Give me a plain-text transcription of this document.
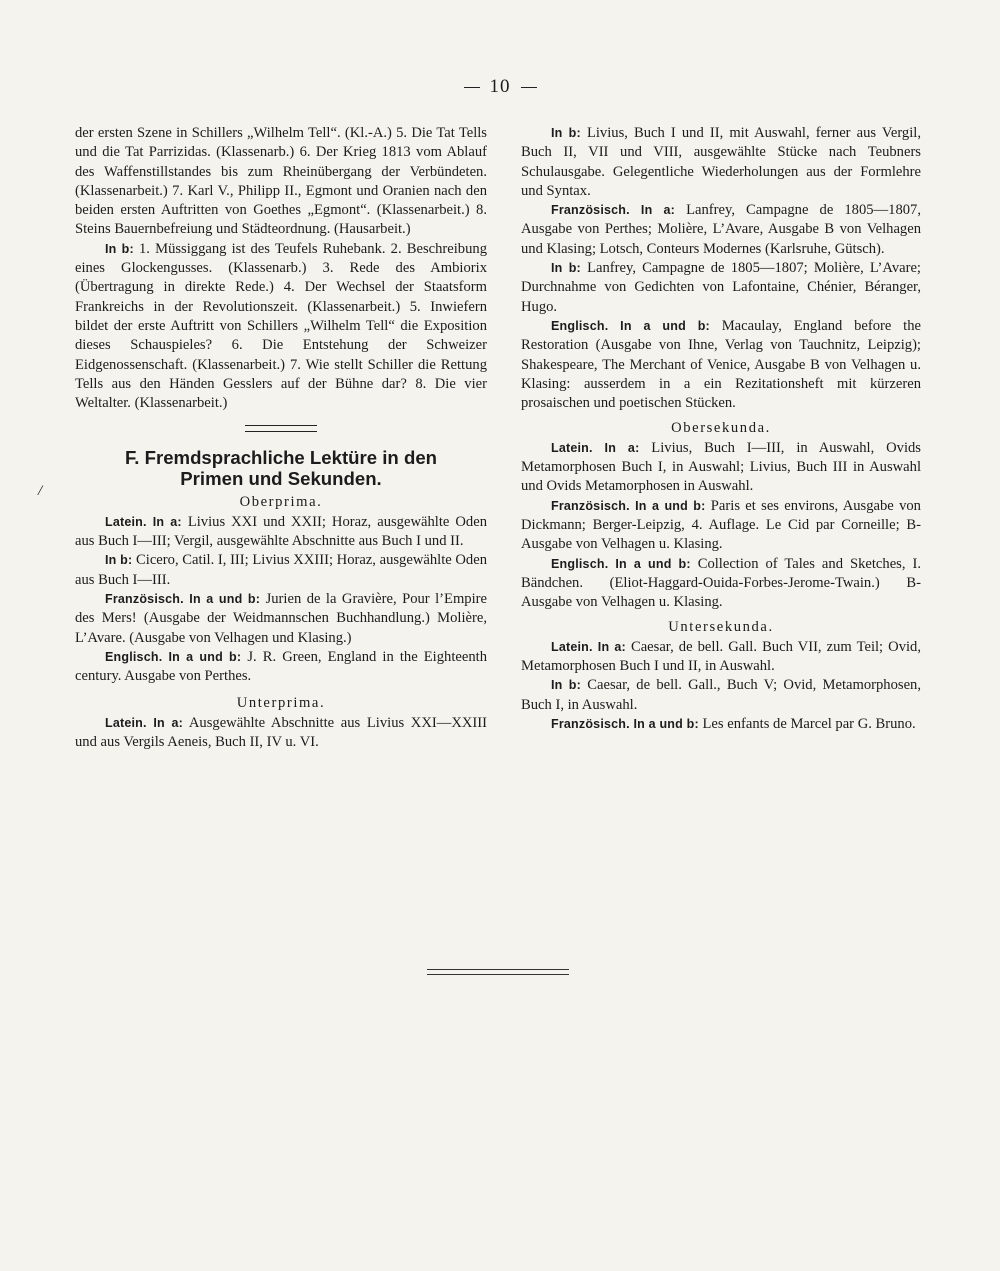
10
/

der ersten Szene in Schillers „Wilhelm Tell“. (Kl.-A.) 5. Die Tat Tells und die Tat Parrizidas. (Klassenarb.) 6. Der Krieg 1813 vom Ablauf des Waffenstillstandes bis zum Rheinübergang der Verbündeten. (Klassenarbeit.) 7. Karl V., Philipp II., Egmont und Oranien nach den beiden ersten Auftritten von Goethes „Egmont“. (Klassenarbeit.) 8. Steins Bauernbefreiung und Städteordnung. (Hausarbeit.)

In b: 1. Müssiggang ist des Teufels Ruhebank. 2. Beschreibung eines Glockengusses. (Klassenarb.) 3. Rede des Ambiorix (Übertragung in direkte Rede.) 4. Der Wechsel der Staatsform Frankreichs in der Revolutionszeit. (Klassenarbeit.) 5. Inwiefern bildet der erste Auftritt von Schillers „Wilhelm Tell“ die Exposition dieses Schauspieles? 6. Die Entstehung der Schweizer Eidgenossenschaft. (Klassenarbeit.) 7. Wie stellt Schiller die Rettung Tells aus den Händen Gesslers auf der Bühne dar? 8. Die vier Weltalter. (Klassenarbeit.)

F. Fremdsprachliche Lektüre in den
Primen und Sekunden.

Oberprima.

Latein. In a: Livius XXI und XXII; Horaz, ausgewählte Oden aus Buch I—III; Vergil, ausgewählte Abschnitte aus Buch I und II.

In b: Cicero, Catil. I, III; Livius XXIII; Horaz, ausgewählte Oden aus Buch I—III.

Französisch. In a und b: Jurien de la Gravière, Pour l’Empire des Mers! (Ausgabe der Weidmannschen Buchhandlung.) Molière, L’Avare. (Ausgabe von Velhagen und Klasing.)

Englisch. In a und b: J. R. Green, England in the Eighteenth century. Ausgabe von Perthes.

Unterprima.

Latein. In a: Ausgewählte Abschnitte aus Livius XXI—XXIII und aus Vergils Aeneis, Buch II, IV u. VI.

In b: Livius, Buch I und II, mit Auswahl, ferner aus Vergil, Buch II, VII und VIII, ausgewählte Stücke nach Teubners Schulausgabe. Gelegentliche Wiederholungen aus der Formlehre und Syntax.

Französisch. In a: Lanfrey, Campagne de 1805—1807, Ausgabe von Perthes; Molière, L’Avare, Ausgabe B von Velhagen und Klasing; Lotsch, Conteurs Modernes (Karlsruhe, Gütsch).

In b: Lanfrey, Campagne de 1805—1807; Molière, L’Avare; Durchnahme von Gedichten von Lafontaine, Chénier, Béranger, Hugo.

Englisch. In a und b: Macaulay, England before the Restoration (Ausgabe von Ihne, Verlag von Tauchnitz, Leipzig); Shakespeare, The Merchant of Venice, Ausgabe B von Velhagen u. Klasing: ausserdem in a ein Rezitationsheft mit kürzeren prosaischen und poetischen Stücken.

Obersekunda.

Latein. In a: Livius, Buch I—III, in Auswahl, Ovids Metamorphosen Buch I, in Auswahl; Livius, Buch III in Auswahl und Ovids Metamorphosen in Auswahl.

Französisch. In a und b: Paris et ses environs, Ausgabe von Dickmann; Berger-Leipzig, 4. Auflage. Le Cid par Corneille; B-Ausgabe von Velhagen u. Klasing.

Englisch. In a und b: Collection of Tales and Sketches, I. Bändchen. (Eliot-Haggard-Ouida-Forbes-Jerome-Twain.) B-Ausgabe von Velhagen u. Klasing.

Untersekunda.

Latein. In a: Caesar, de bell. Gall. Buch VII, zum Teil; Ovid, Metamorphosen Buch I und II, in Auswahl.

In b: Caesar, de bell. Gall., Buch V; Ovid, Metamorphosen, Buch I, in Auswahl.

Französisch. In a und b: Les enfants de Marcel par G. Bruno.
